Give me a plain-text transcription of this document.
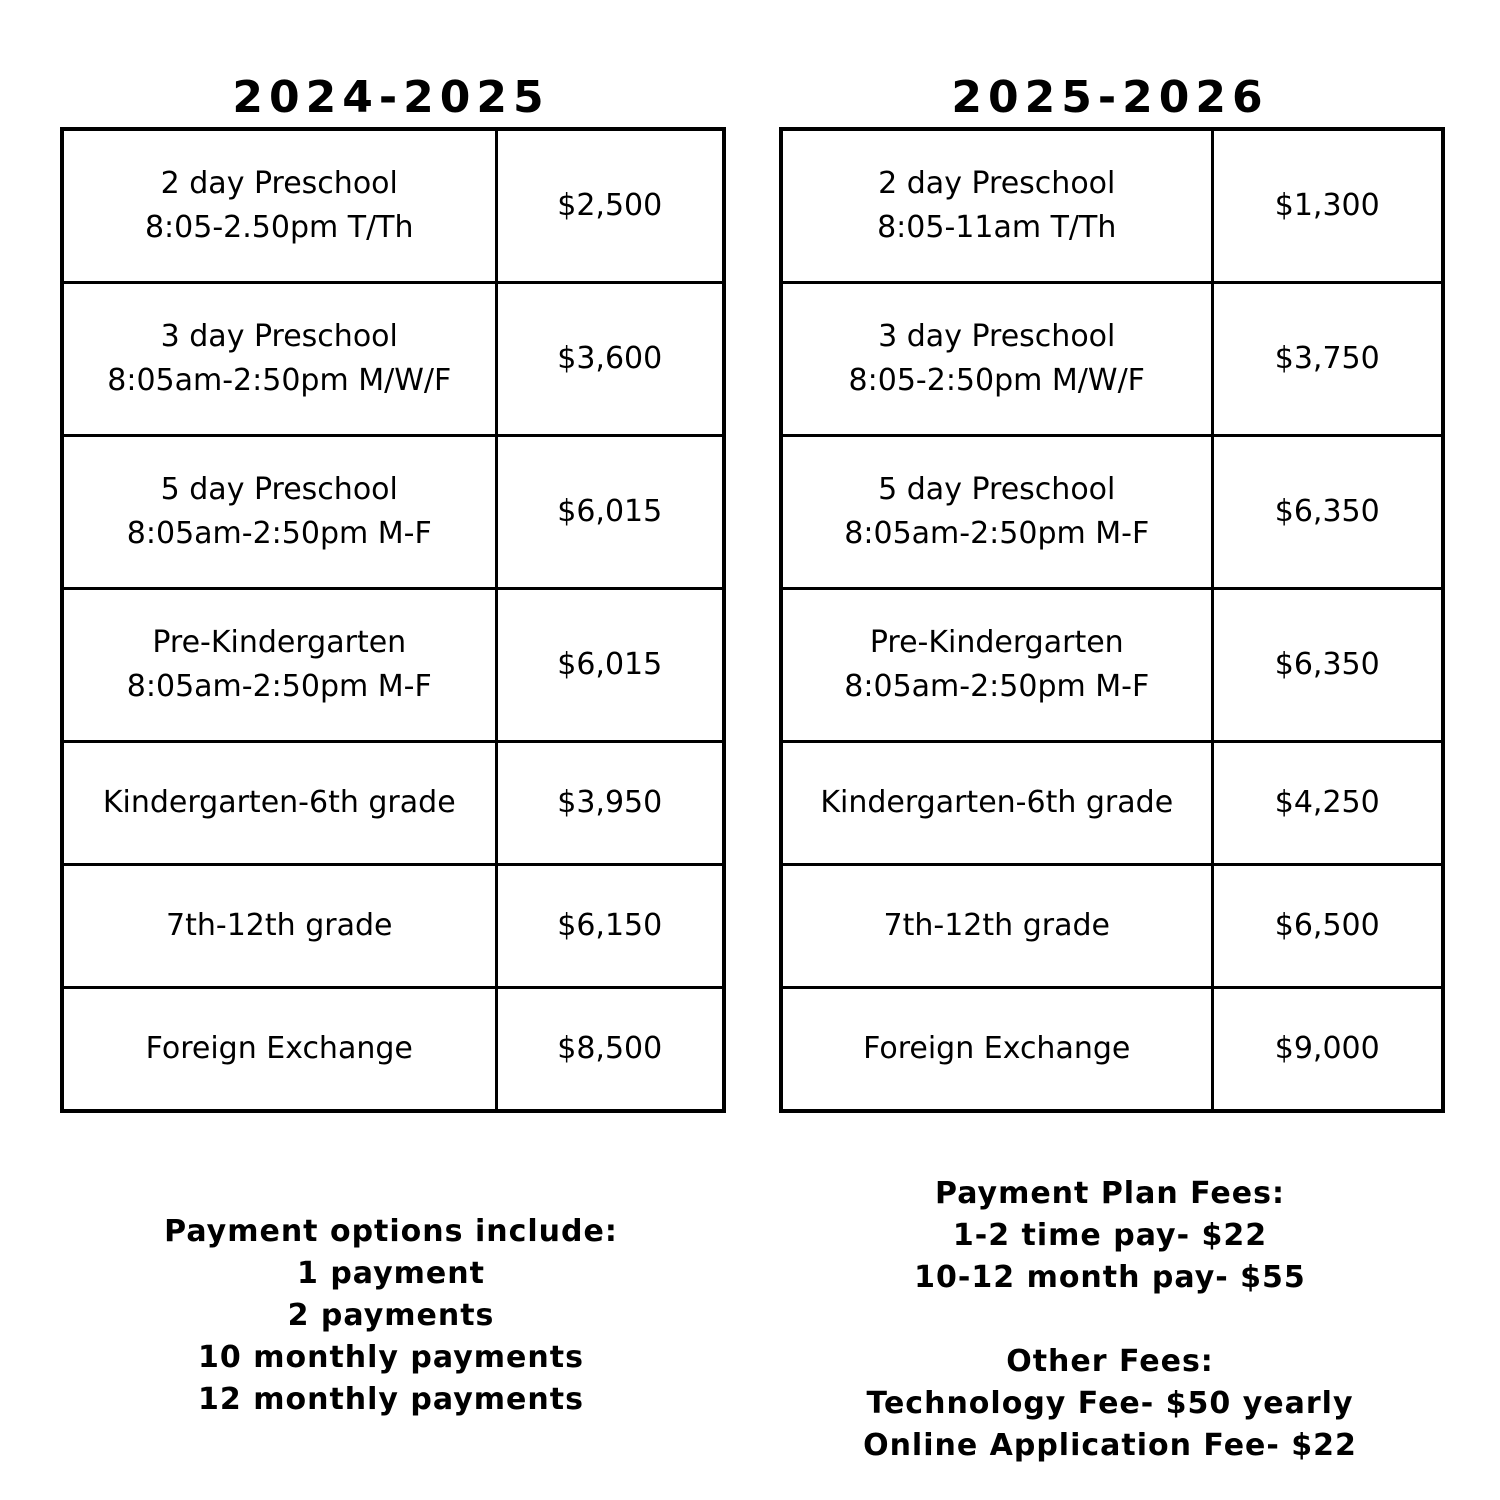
2024-2025	2025-2026
2 day Preschool
8:05-2.50pm T/Th	$2,500

3 day Preschool
8:05am-2:50pm M/W/F	$3,600

5 day Preschool
8:05am-2:50pm M-F	$6,015

Pre-Kindergarten
8:05am-2:50pm M-F	$6,015

Kindergarten-6th grade	$3,950

7th-12th grade	$6,150

Foreign Exchange	$8,500
2 day Preschool
8:05-11am T/Th	$1,300

3 day Preschool
8:05-2:50pm M/W/F	$3,750

5 day Preschool
8:05am-2:50pm M-F	$6,350

Pre-Kindergarten
8:05am-2:50pm M-F	$6,350

Kindergarten-6th grade	$4,250

7th-12th grade	$6,500

Foreign Exchange	$9,000
Payment options include:
1 payment
2 payments
10 monthly payments
12 monthly payments
Payment Plan Fees:
1-2 time pay- $22
10-12 month pay- $55
Other Fees:
Technology Fee- $50 yearly
Online Application Fee- $22
